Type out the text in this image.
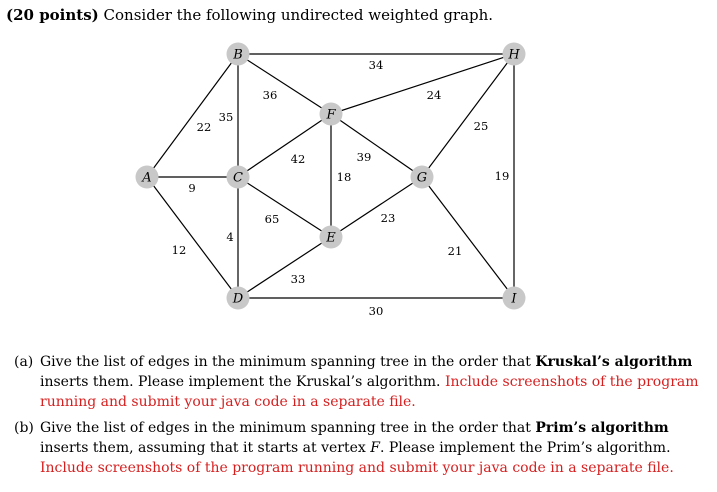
(20 points) Consider the following undirected weighted graph.
34
36
35
22
9
12
4
42
65
24
18
39
23
33
30
25
21
19
A
B
C
D
E
F
G
H
I
(a) Give the list of edges in the minimum spanning tree in the order that Kruskal’s algorithm inserts them. Please implement the Kruskal’s algorithm. Include screenshots of the program running and submit your java code in a separate file.
(b) Give the list of edges in the minimum spanning tree in the order that Prim’s algorithm inserts them, assuming that it starts at vertex F. Please implement the Prim’s algorithm. Include screenshots of the program running and submit your java code in a separate file.
